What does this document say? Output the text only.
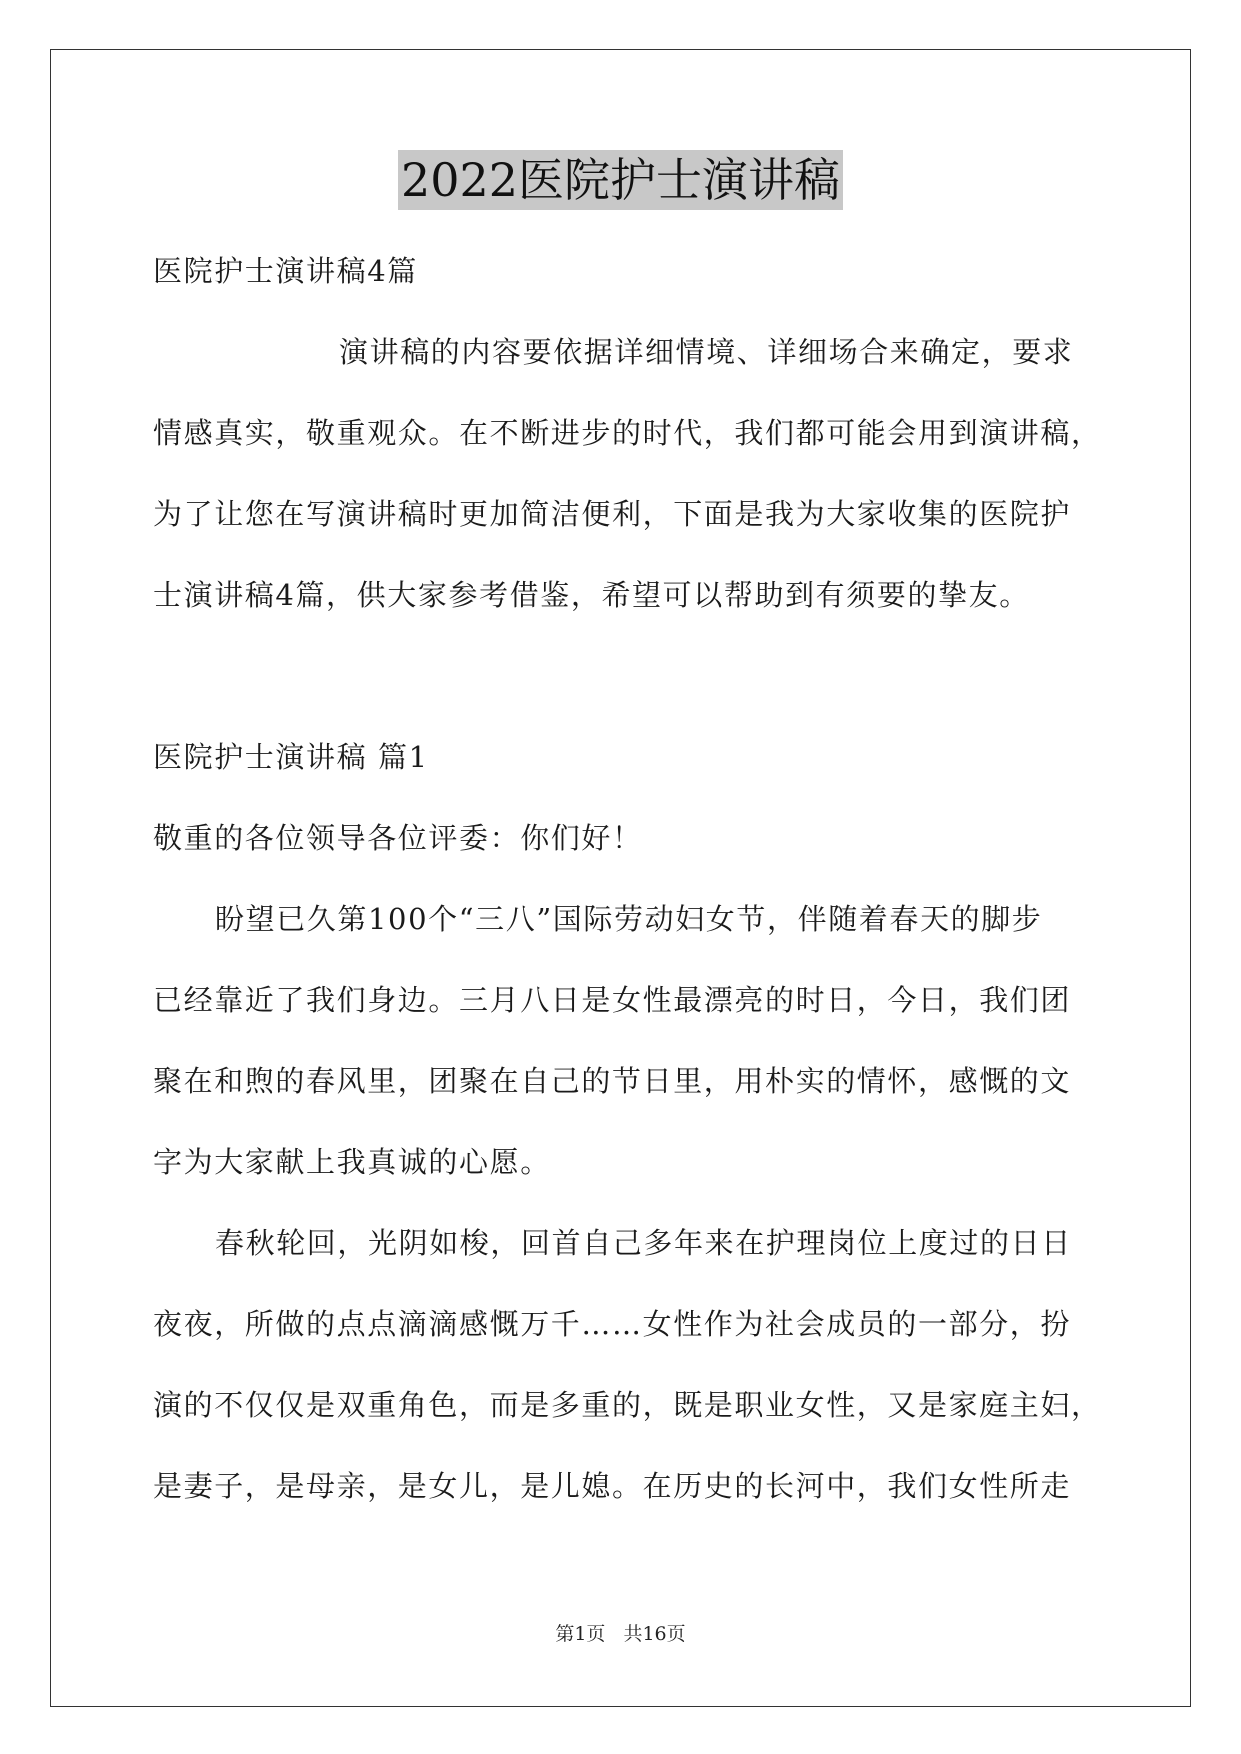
2022医院护士演讲稿
医院护士演讲稿4篇
演讲稿的内容要依据详细情境、详细场合来确定，要求
情感真实，敬重观众。在不断进步的时代，我们都可能会用到演讲稿，
为了让您在写演讲稿时更加简洁便利，下面是我为大家收集的医院护
士演讲稿4篇，供大家参考借鉴，希望可以帮助到有须要的挚友。
医院护士演讲稿 篇1
敬重的各位领导各位评委：你们好！
盼望已久第100个“三八”国际劳动妇女节，伴随着春天的脚步
已经靠近了我们身边。三月八日是女性最漂亮的时日，今日，我们团
聚在和煦的春风里，团聚在自己的节日里，用朴实的情怀，感慨的文
字为大家献上我真诚的心愿。
春秋轮回，光阴如梭，回首自己多年来在护理岗位上度过的日日
夜夜，所做的点点滴滴感慨万千……女性作为社会成员的一部分，扮
演的不仅仅是双重角色，而是多重的，既是职业女性，又是家庭主妇，
是妻子，是母亲，是女儿，是儿媳。在历史的长河中，我们女性所走
第1页 共16页
